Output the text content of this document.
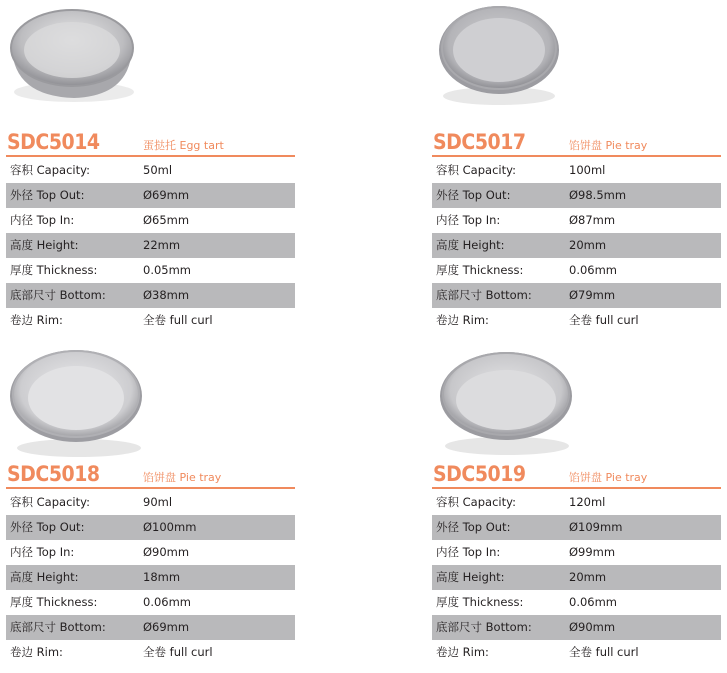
SDC5014	蛋挞托 Egg tart
容积 Capacity:	50ml
外径 Top Out:	Ø69mm
内径 Top In:	Ø65mm
高度 Height:	22mm
厚度 Thickness:	0.05mm
底部尺寸 Bottom:	Ø38mm
卷边 Rim:	全卷 full curl
SDC5017	馅饼盘 Pie tray
容积 Capacity:	100ml
外径 Top Out:	Ø98.5mm
内径 Top In:	Ø87mm
高度 Height:	20mm
厚度 Thickness:	0.06mm
底部尺寸 Bottom:	Ø79mm
卷边 Rim:	全卷 full curl
SDC5018	馅饼盘 Pie tray
容积 Capacity:	90ml
外径 Top Out:	Ø100mm
内径 Top In:	Ø90mm
高度 Height:	18mm
厚度 Thickness:	0.06mm
底部尺寸 Bottom:	Ø69mm
卷边 Rim:	全卷 full curl
SDC5019	馅饼盘 Pie tray
容积 Capacity:	120ml
外径 Top Out:	Ø109mm
内径 Top In:	Ø99mm
高度 Height:	20mm
厚度 Thickness:	0.06mm
底部尺寸 Bottom:	Ø90mm
卷边 Rim:	全卷 full curl
